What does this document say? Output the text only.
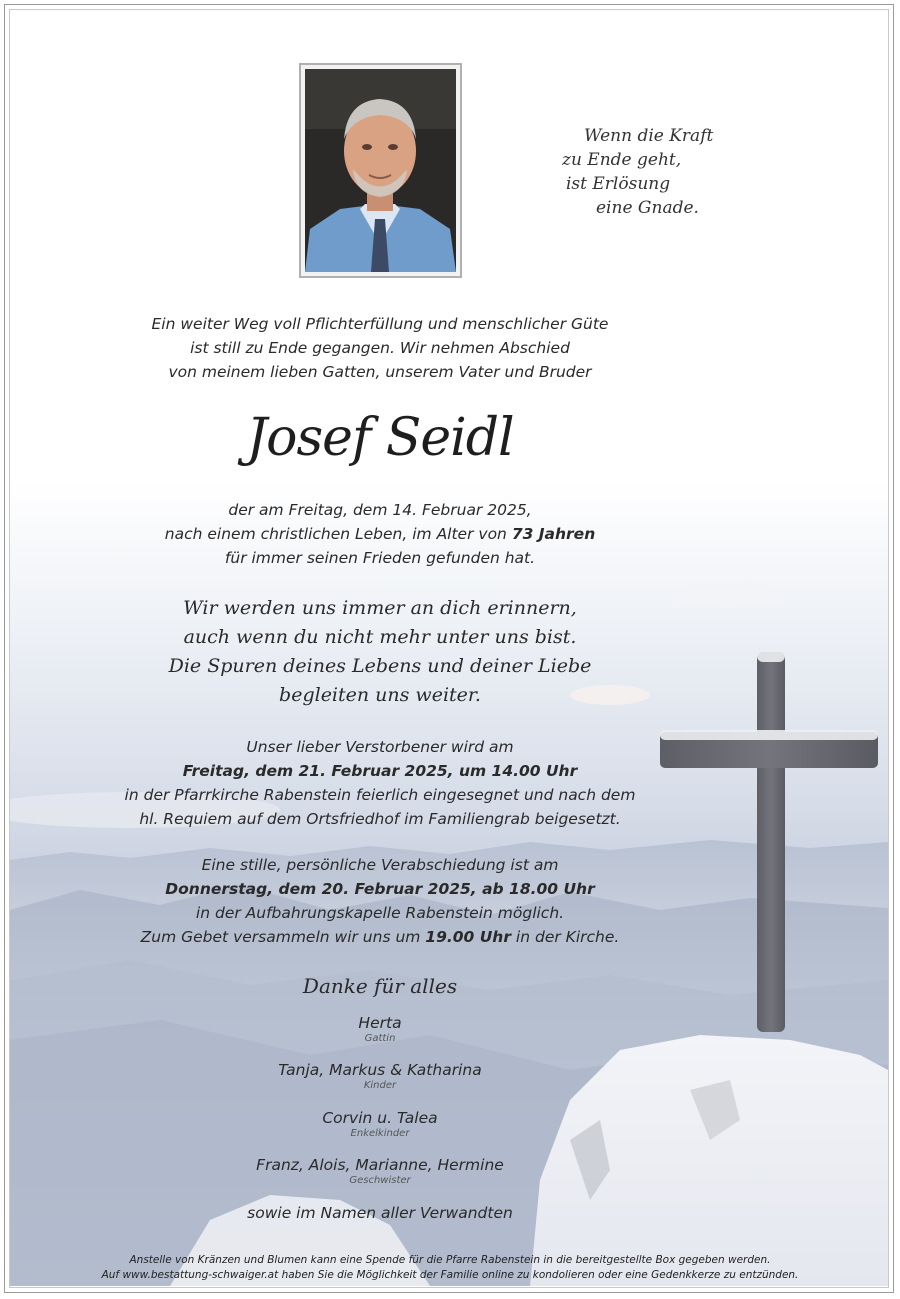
Wenn die Kraft
zu Ende geht,
ist Erlösung
eine Gnade.
Ein weiter Weg voll Pflichterfüllung und menschlicher Güte
ist still zu Ende gegangen. Wir nehmen Abschied
von meinem lieben Gatten, unserem Vater und Bruder
Josef Seidl
der am Freitag, dem 14. Februar 2025,
nach einem christlichen Leben, im Alter von 73 Jahren
für immer seinen Frieden gefunden hat.
Wir werden uns immer an dich erinnern,
auch wenn du nicht mehr unter uns bist.
Die Spuren deines Lebens und deiner Liebe
begleiten uns weiter.
Unser lieber Verstorbener wird am
Freitag, dem 21. Februar 2025, um 14.00 Uhr
in der Pfarrkirche Rabenstein feierlich eingesegnet und nach dem
hl. Requiem auf dem Ortsfriedhof im Familiengrab beigesetzt.
Eine stille, persönliche Verabschiedung ist am
Donnerstag, dem 20. Februar 2025, ab 18.00 Uhr
in der Aufbahrungskapelle Rabenstein möglich.
Zum Gebet versammeln wir uns um 19.00 Uhr in der Kirche.
Danke für alles
Herta
Gattin
Tanja, Markus & Katharina
Kinder
Corvin u. Talea
Enkelkinder
Franz, Alois, Marianne, Hermine
Geschwister
sowie im Namen aller Verwandten
Anstelle von Kränzen und Blumen kann eine Spende für die Pfarre Rabenstein in die bereitgestellte Box gegeben werden.
Auf www.bestattung-schwaiger.at haben Sie die Möglichkeit der Familie online zu kondolieren oder eine Gedenkkerze zu entzünden.
